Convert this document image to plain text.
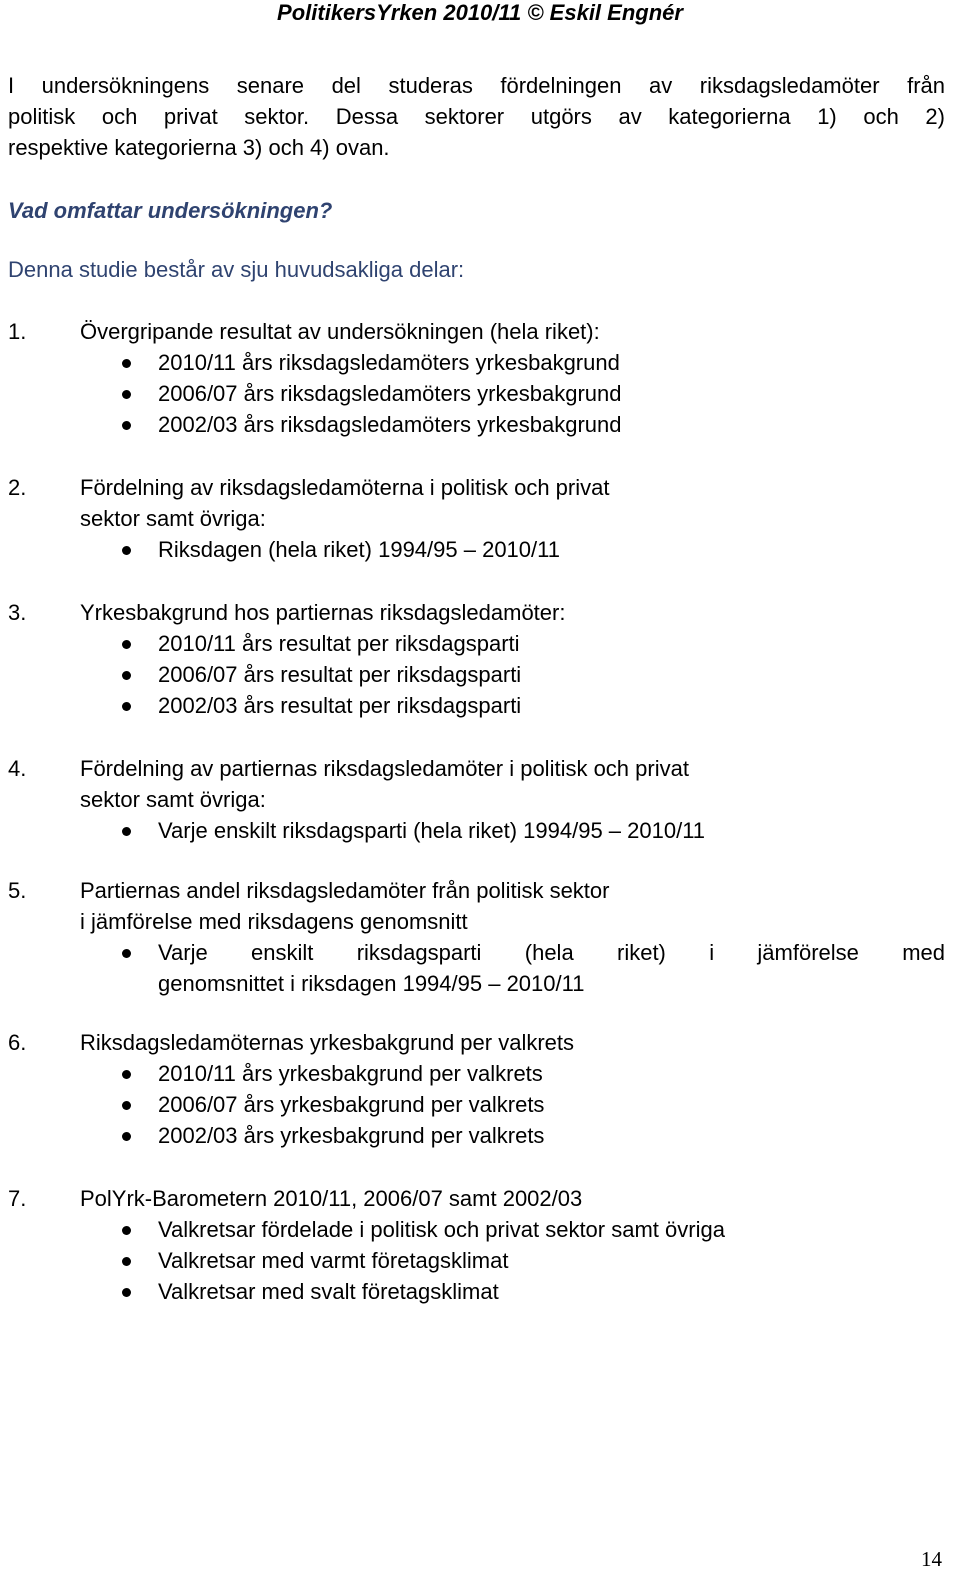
PolitikersYrken 2010/11 © Eskil Engnér
I undersökningens senare del studeras fördelningen av riksdagsledamöter från
politisk och privat sektor. Dessa sektorer utgörs av kategorierna 1) och 2)
respektive kategorierna 3) och 4) ovan.
Vad omfattar undersökningen?
Denna studie består av sju huvudsakliga delar:
1. Övergripande resultat av undersökningen (hela riket):
2010/11 års riksdagsledamöters yrkesbakgrund
2006/07 års riksdagsledamöters yrkesbakgrund
2002/03 års riksdagsledamöters yrkesbakgrund
2. Fördelning av riksdagsledamöterna i politisk och privat
sektor samt övriga:
Riksdagen (hela riket) 1994/95 – 2010/11
3. Yrkesbakgrund hos partiernas riksdagsledamöter:
2010/11 års resultat per riksdagsparti
2006/07 års resultat per riksdagsparti
2002/03 års resultat per riksdagsparti
4. Fördelning av partiernas riksdagsledamöter i politisk och privat
sektor samt övriga:
Varje enskilt riksdagsparti (hela riket) 1994/95 – 2010/11
5. Partiernas andel riksdagsledamöter från politisk sektor
i jämförelse med riksdagens genomsnitt
Varje enskilt riksdagsparti (hela riket) i jämförelse med
genomsnittet i riksdagen 1994/95 – 2010/11
6. Riksdagsledamöternas yrkesbakgrund per valkrets
2010/11 års yrkesbakgrund per valkrets
2006/07 års yrkesbakgrund per valkrets
2002/03 års yrkesbakgrund per valkrets
7. PolYrk-Barometern 2010/11, 2006/07 samt 2002/03
Valkretsar fördelade i politisk och privat sektor samt övriga
Valkretsar med varmt företagsklimat
Valkretsar med svalt företagsklimat
14
